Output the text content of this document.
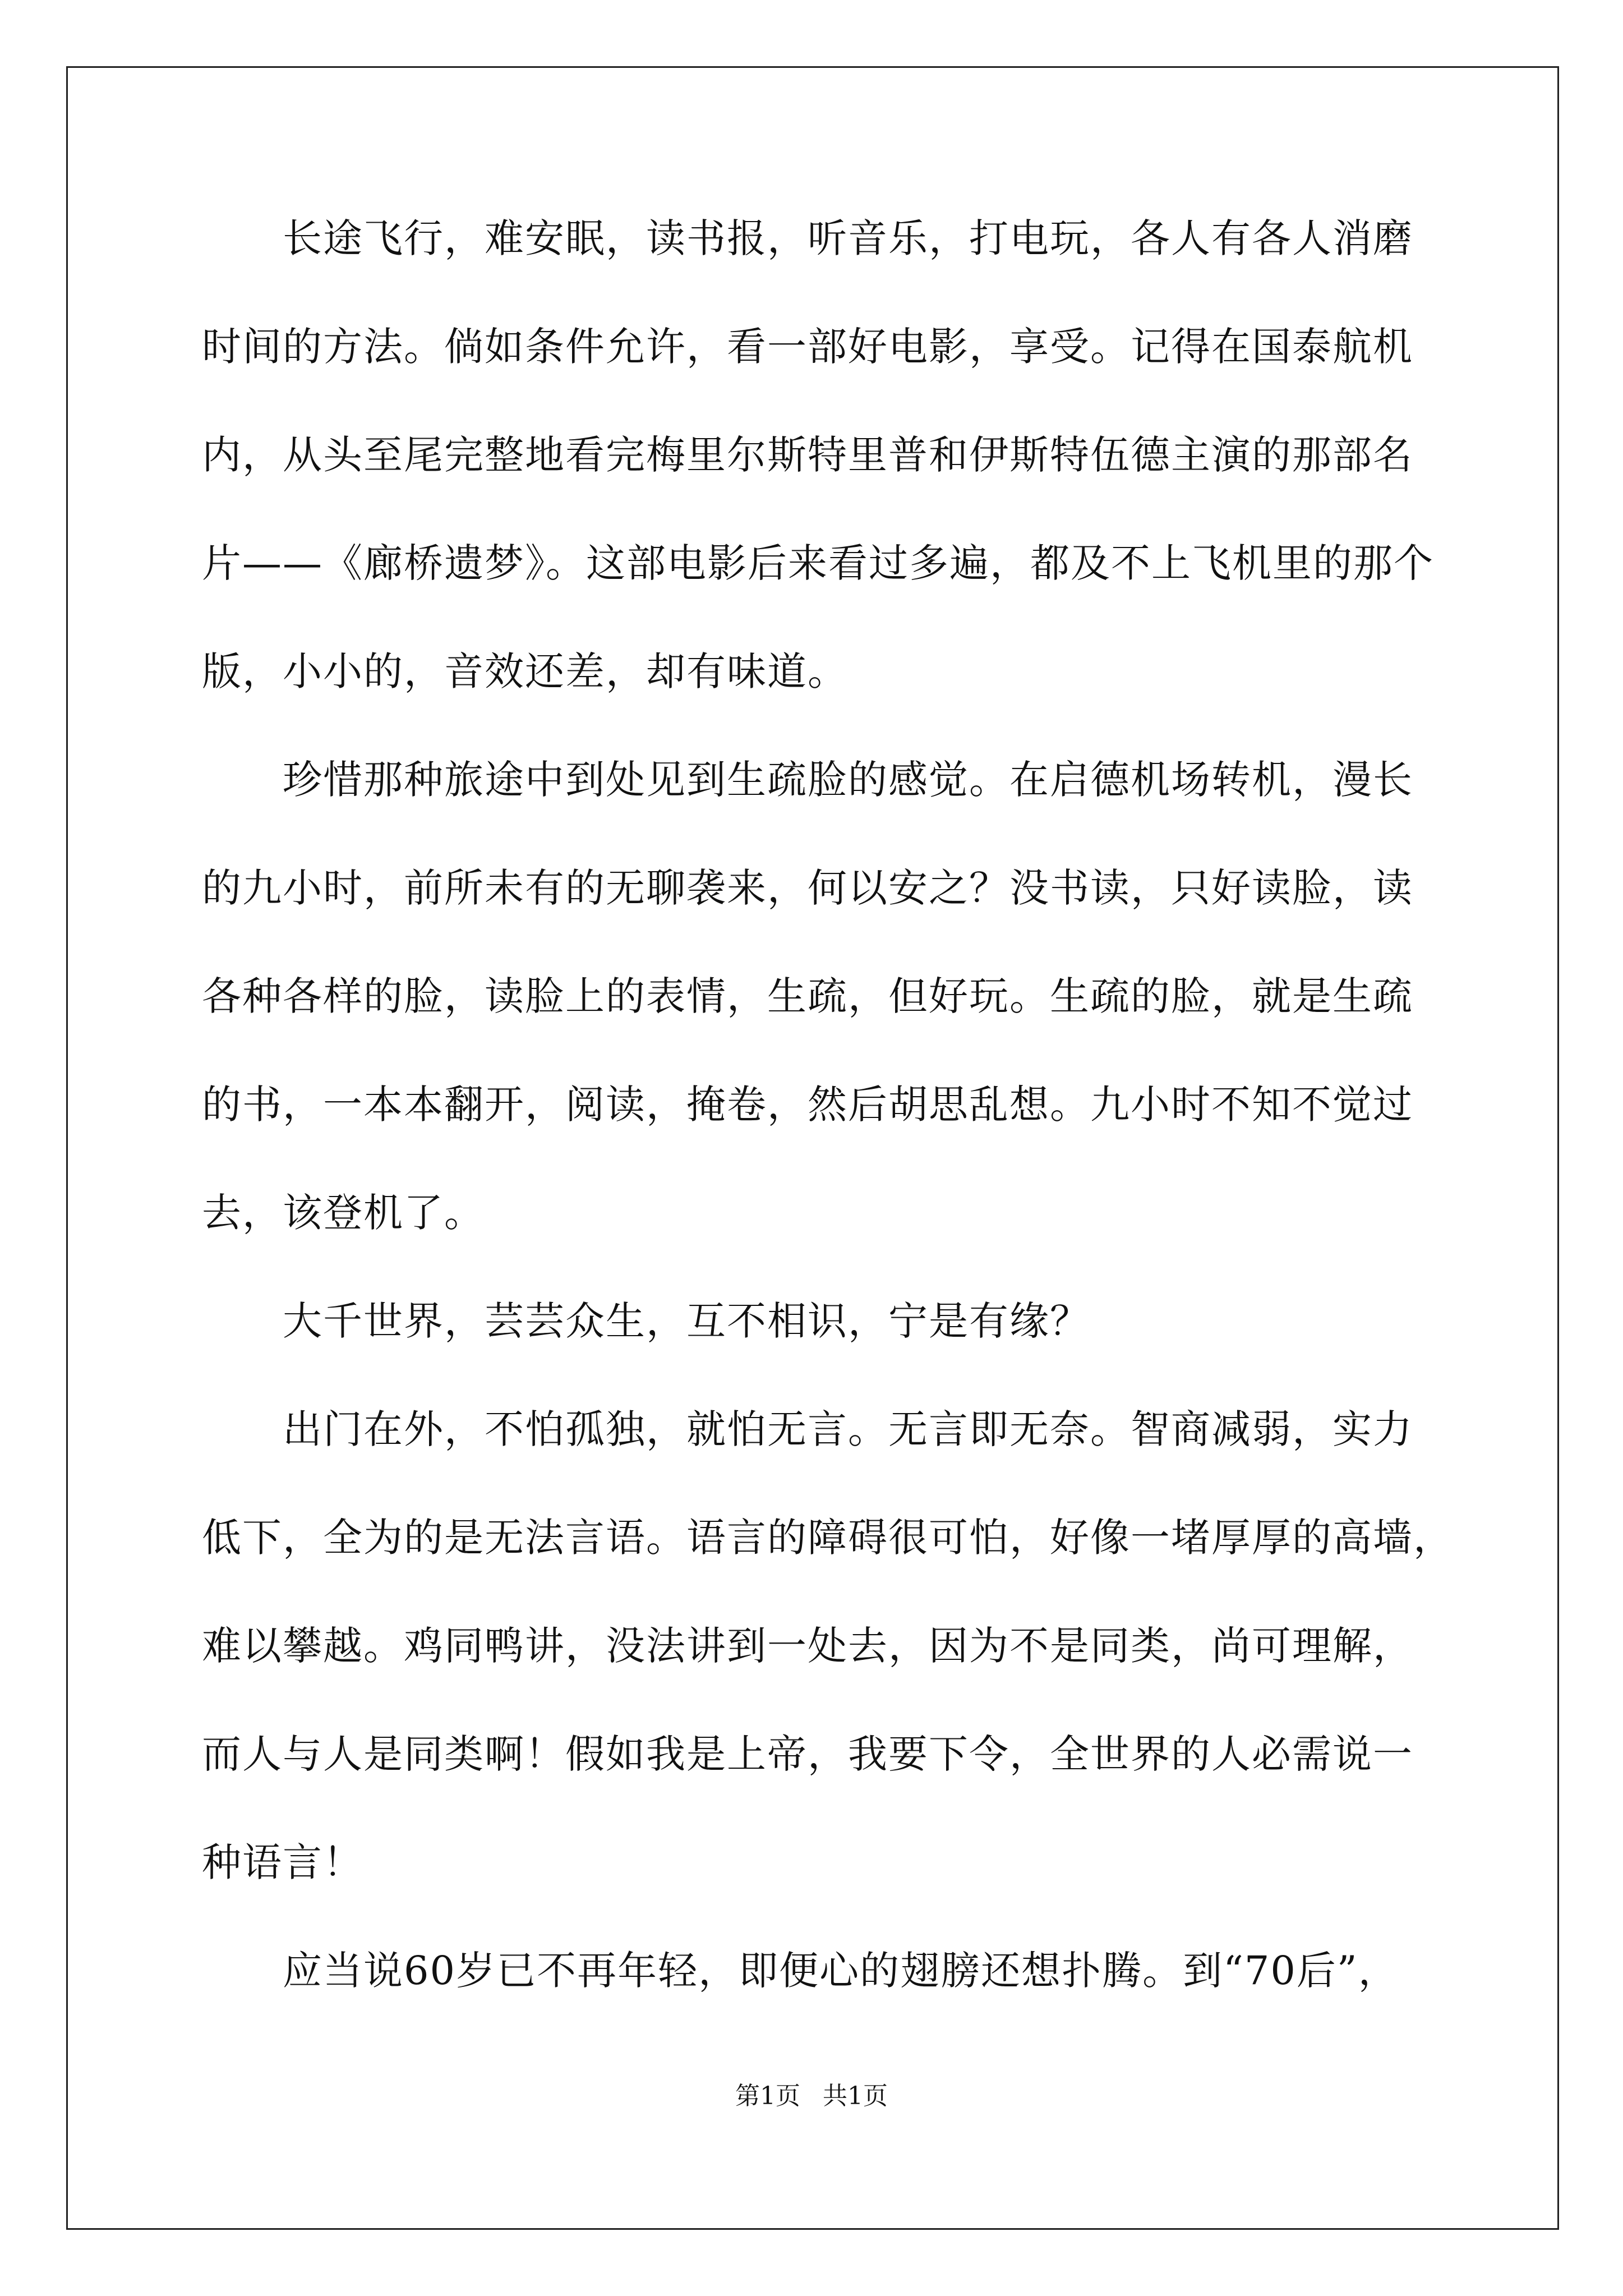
　　长途飞行，难安眠，读书报，听音乐，打电玩，各人有各人消磨
时间的方法。倘如条件允许，看一部好电影，享受。记得在国泰航机
内，从头至尾完整地看完梅里尔斯特里普和伊斯特伍德主演的那部名
片——《廊桥遗梦》。这部电影后来看过多遍，都及不上飞机里的那个
版，小小的，音效还差，却有味道。
　　珍惜那种旅途中到处见到生疏脸的感觉。在启德机场转机，漫长
的九小时，前所未有的无聊袭来，何以安之？没书读，只好读脸，读
各种各样的脸，读脸上的表情，生疏，但好玩。生疏的脸，就是生疏
的书，一本本翻开，阅读，掩卷，然后胡思乱想。九小时不知不觉过
去，该登机了。
　　大千世界，芸芸众生，互不相识，宁是有缘？
　　出门在外，不怕孤独，就怕无言。无言即无奈。智商减弱，实力
低下，全为的是无法言语。语言的障碍很可怕，好像一堵厚厚的高墙，
难以攀越。鸡同鸭讲，没法讲到一处去，因为不是同类，尚可理解，
而人与人是同类啊！假如我是上帝，我要下令，全世界的人必需说一
种语言！
　　应当说60岁已不再年轻，即便心的翅膀还想扑腾。到“70后”，
第1页 共1页
